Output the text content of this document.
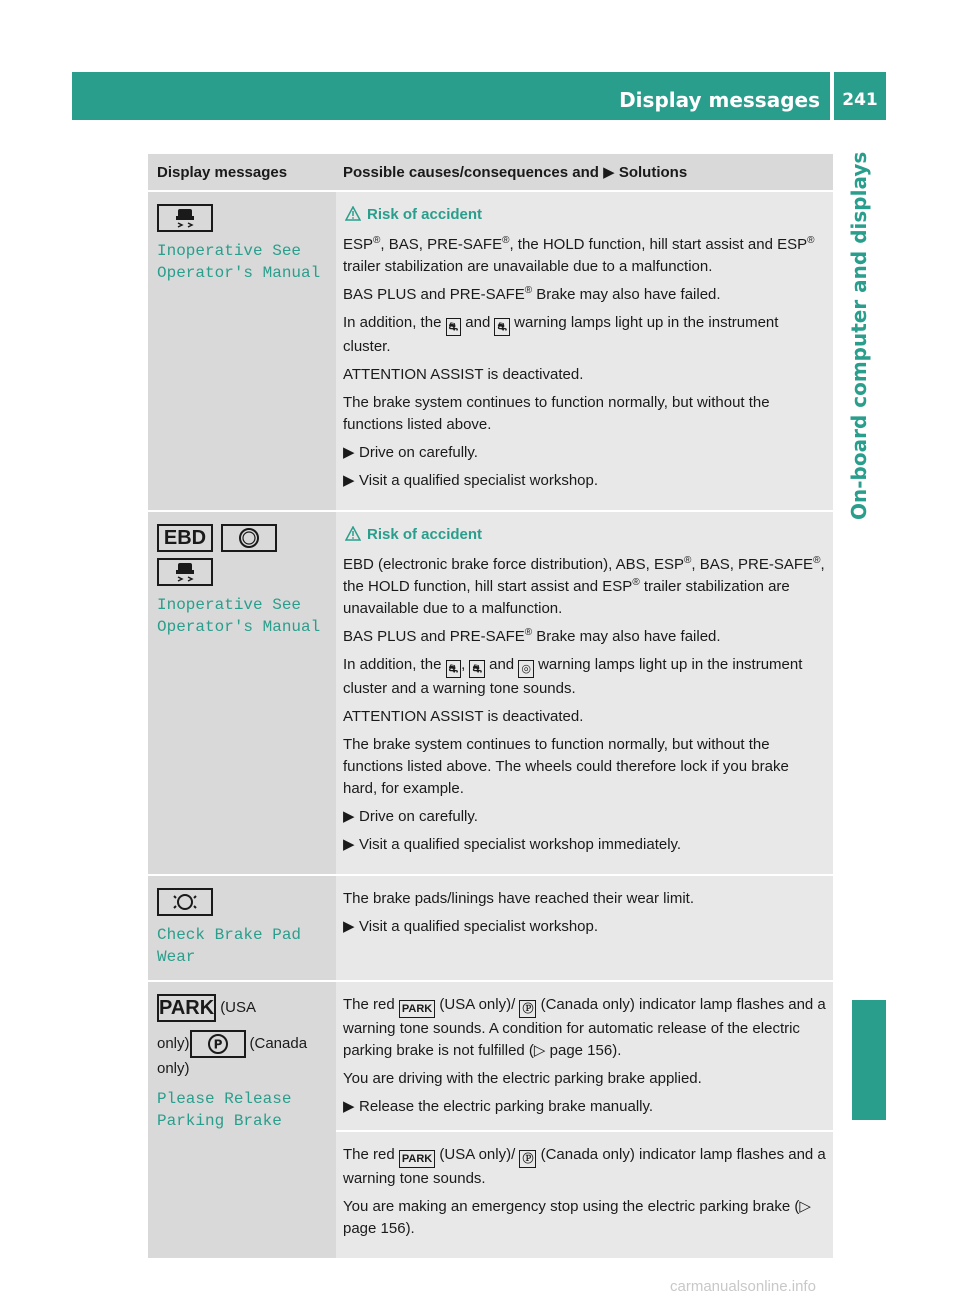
Display messages	241
On-board computer and displays
Display messages	Possible causes/consequences and ▶ Solutions
Inoperative See
Operator's Manual
Risk of accident

ESP®, BAS, PRE-SAFE®, the HOLD function, hill start assist and ESP® trailer stabilization are unavailable due to a malfunction.

BAS PLUS and PRE-SAFE® Brake may also have failed.

In addition, the ⛐ and ⛐ warning lamps light up in the instrument cluster.

ATTENTION ASSIST is deactivated.

The brake system continues to function normally, but without the functions listed above.

▶ Drive on carefully.
▶ Visit a qualified specialist workshop.
EBD
Inoperative See
Operator's Manual
Risk of accident

EBD (electronic brake force distribution), ABS, ESP®, BAS, PRE-SAFE®, the HOLD function, hill start assist and ESP® trailer stabilization are unavailable due to a malfunction.

BAS PLUS and PRE-SAFE® Brake may also have failed.

In addition, the ⛐ , ⛐ and ◎ warning lamps light up in the instrument cluster and a warning tone sounds.

ATTENTION ASSIST is deactivated.

The brake system continues to function normally, but without the functions listed above. The wheels could therefore lock if you brake hard, for example.

▶ Drive on carefully.
▶ Visit a qualified specialist workshop immediately.
Check Brake Pad
Wear

The brake pads/linings have reached their wear limit.

▶ Visit a qualified specialist workshop.
PARK (USA
only) P (Canada
only)
Please Release
Parking Brake

The red PARK (USA only)/ Ⓟ (Canada only) indicator lamp flashes and a warning tone sounds. A condition for automatic release of the electric parking brake is not fulfilled (▷ page 156).

You are driving with the electric parking brake applied.

▶ Release the electric parking brake manually.

The red PARK (USA only)/ Ⓟ (Canada only) indicator lamp flashes and a warning tone sounds.

You are making an emergency stop using the electric parking brake (▷ page 156).

carmanualsonline.info
